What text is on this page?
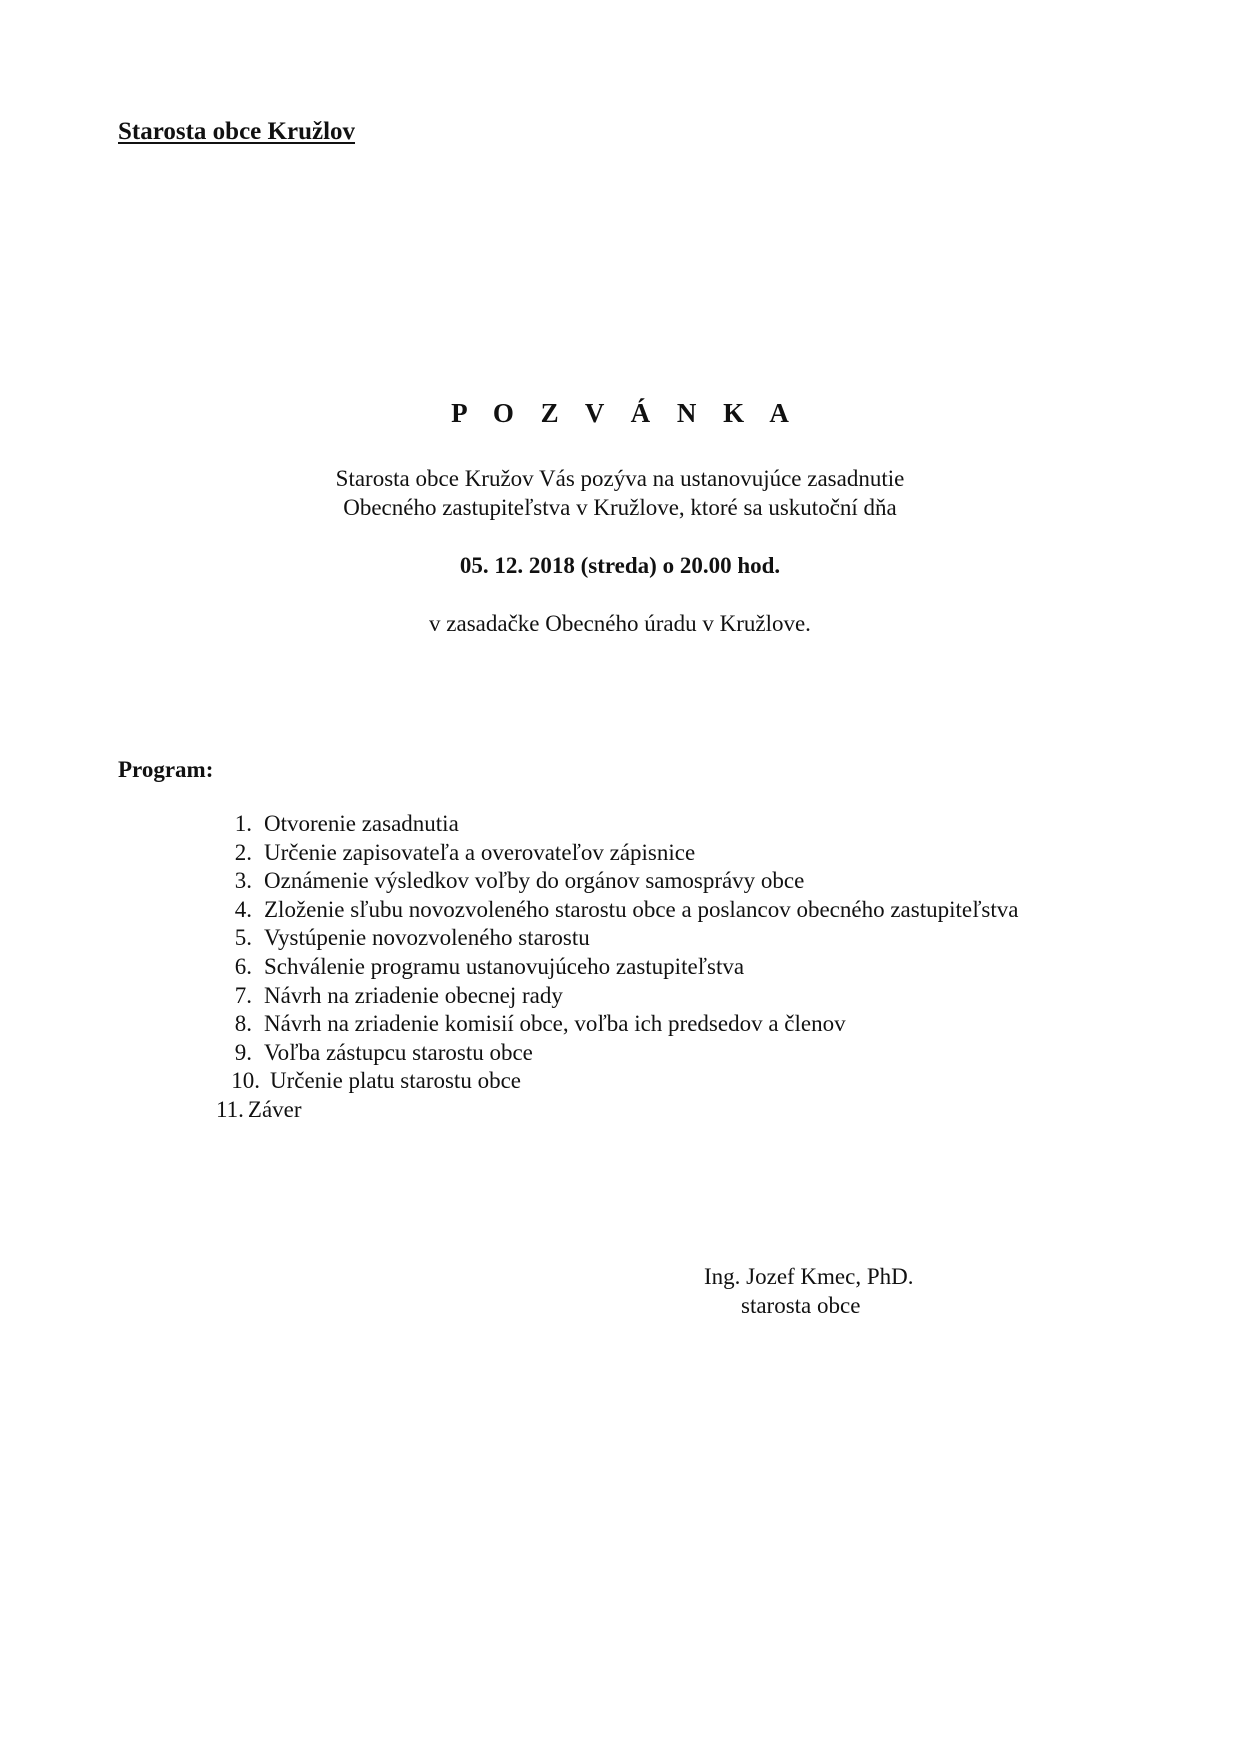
Starosta obce Kružlov
P O Z V Á N K A
Starosta obce Kružov Vás pozýva na ustanovujúce zasadnutie
Obecného zastupiteľstva v Kružlove, ktoré sa uskutoční dňa
05. 12. 2018 (streda) o 20.00 hod.
v zasadačke Obecného úradu v Kružlove.
Program:
1. Otvorenie zasadnutia
2. Určenie zapisovateľa a overovateľov zápisnice
3. Oznámenie výsledkov voľby do orgánov samosprávy obce
4. Zloženie sľubu novozvoleného starostu obce a poslancov obecného zastupiteľstva
5. Vystúpenie novozvoleného starostu
6. Schválenie programu ustanovujúceho zastupiteľstva
7. Návrh na zriadenie obecnej rady
8. Návrh na zriadenie komisií obce, voľba ich predsedov a členov
9. Voľba zástupcu starostu obce
10. Určenie platu starostu obce
11. Záver
Ing. Jozef Kmec, PhD.
starosta obce
